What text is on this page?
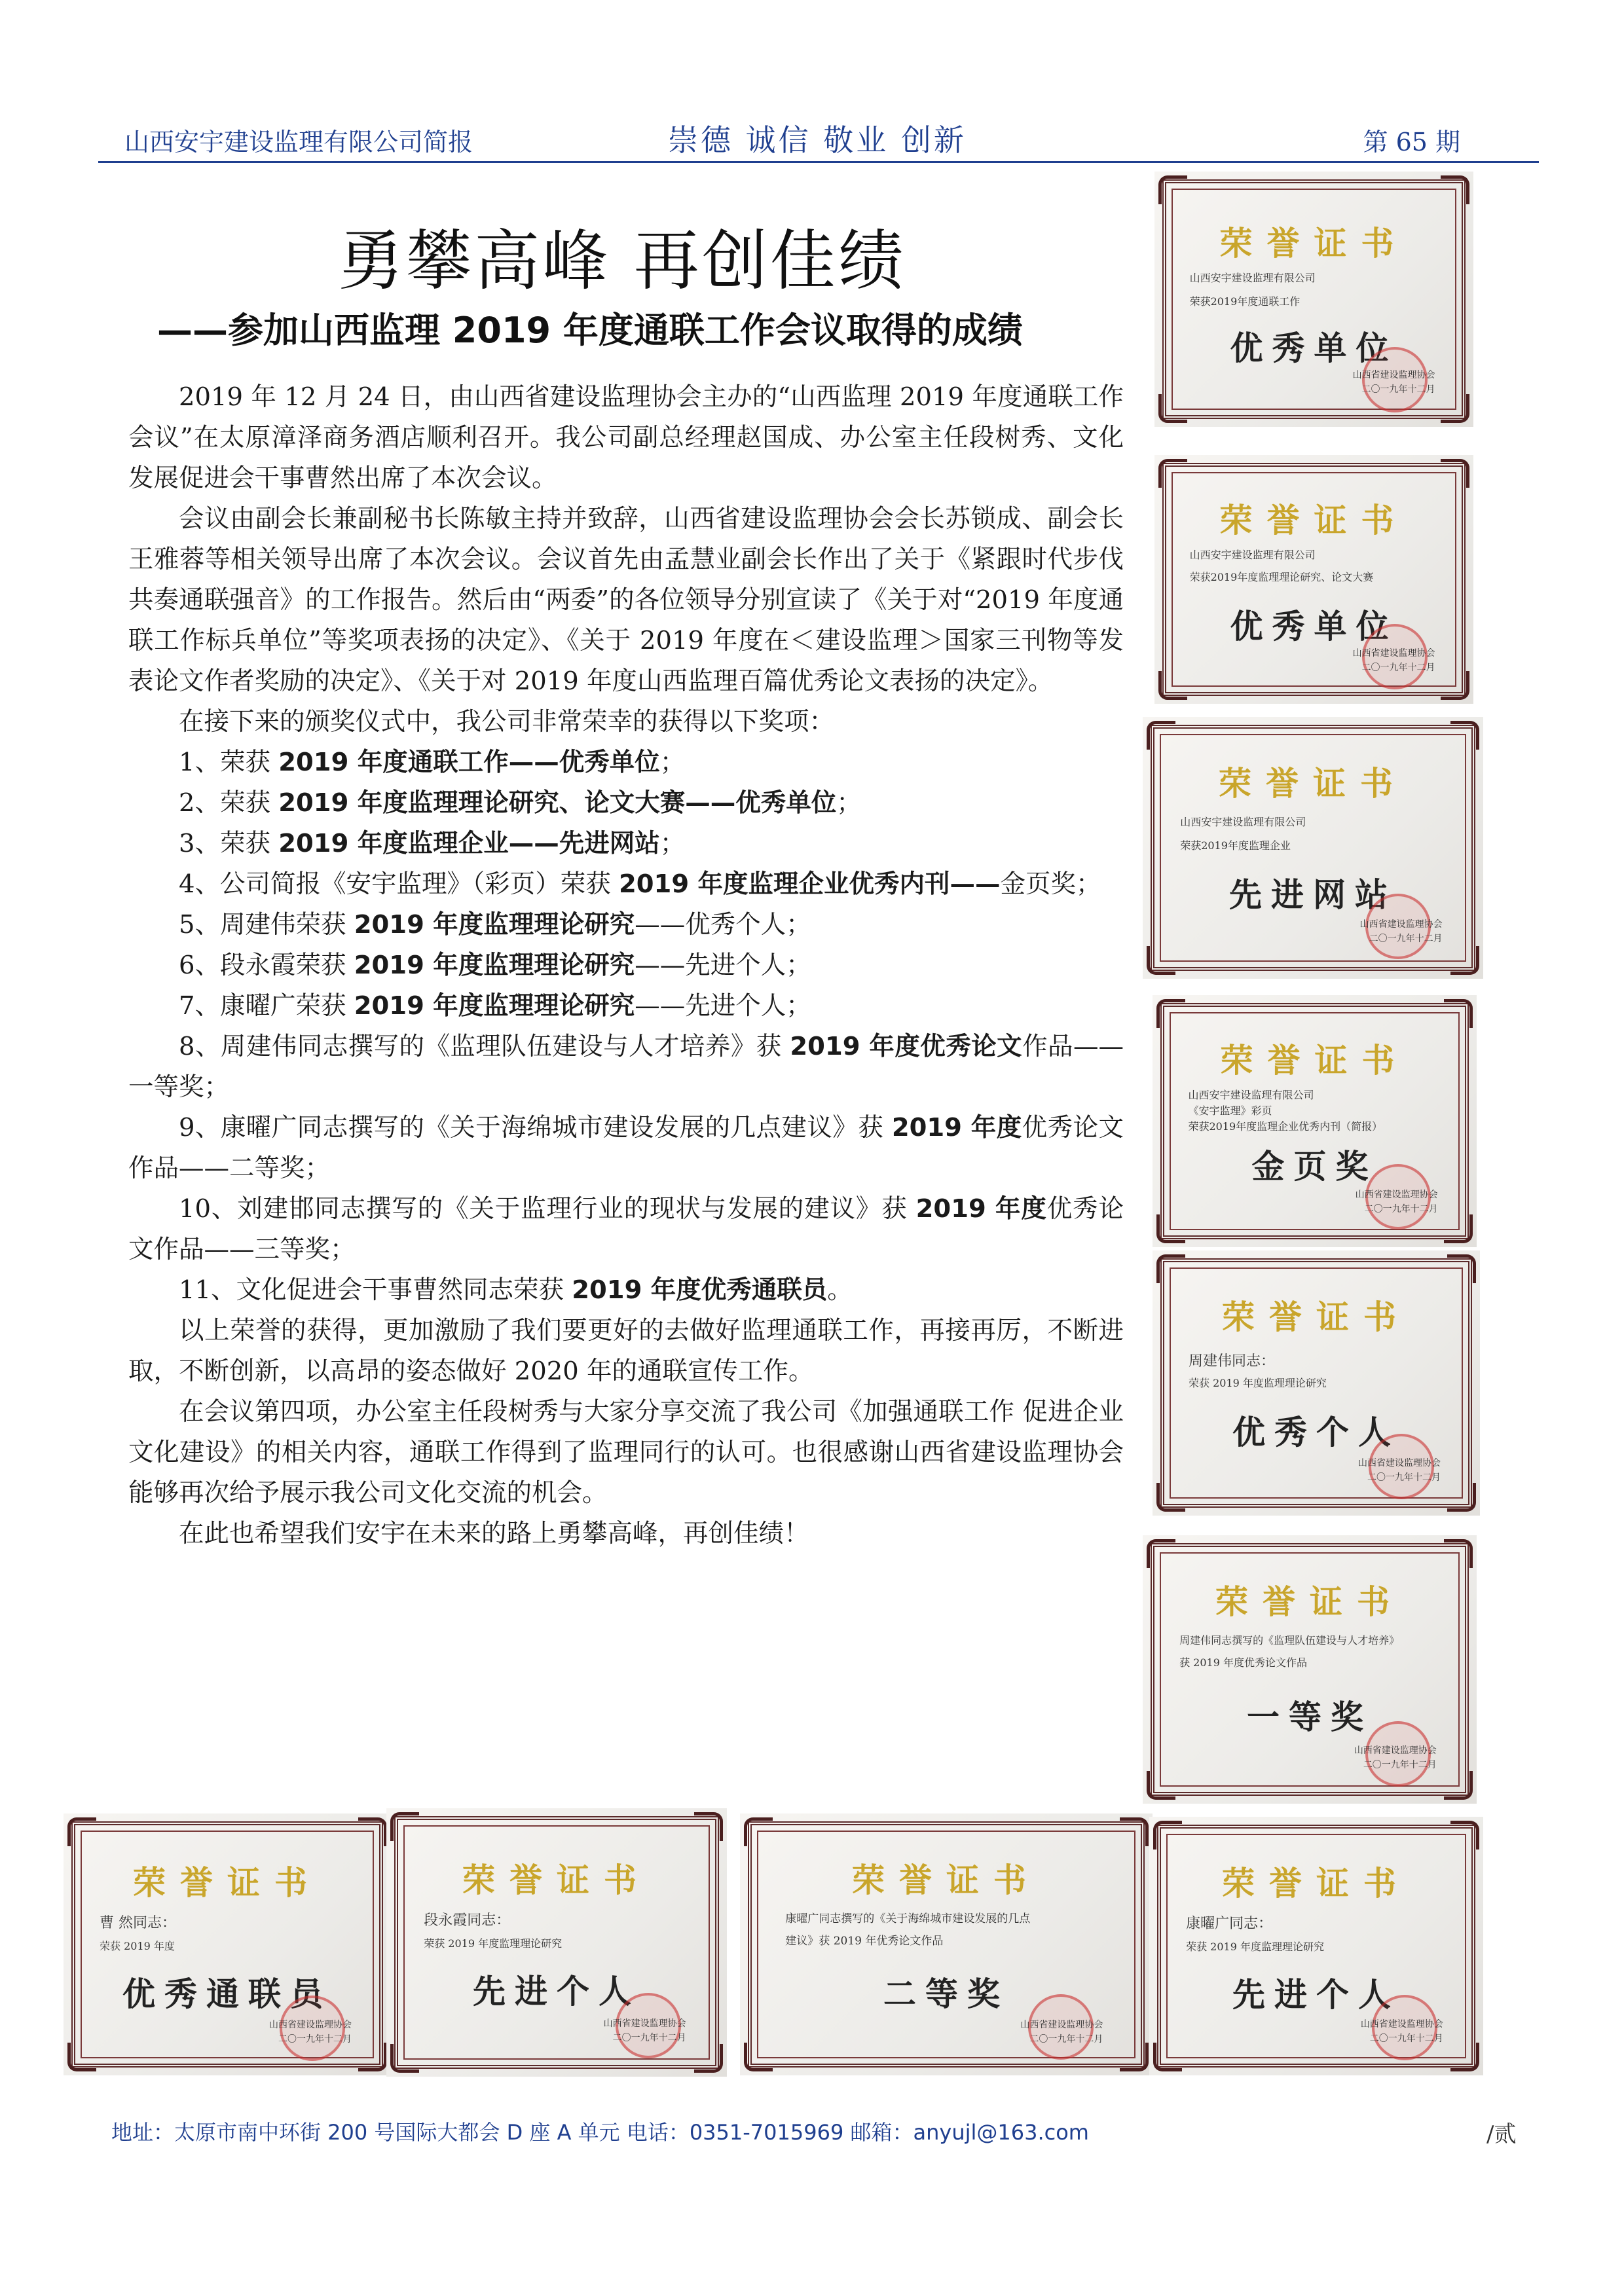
山西安宇建设监理有限公司简报	崇德 诚信 敬业 创新	第 65 期
勇攀高峰 再创佳绩
——参加山西监理 2019 年度通联工作会议取得的成绩

2019 年 12 月 24 日，由山西省建设监理协会主办的“山西监理 2019 年度通联工作会议”在太原漳泽商务酒店顺利召开。我公司副总经理赵国成、办公室主任段树秀、文化发展促进会干事曹然出席了本次会议。

会议由副会长兼副秘书长陈敏主持并致辞，山西省建设监理协会会长苏锁成、副会长王雅蓉等相关领导出席了本次会议。会议首先由孟慧业副会长作出了关于《紧跟时代步伐 共奏通联强音》的工作报告。然后由“两委”的各位领导分别宣读了《关于对“2019 年度通联工作标兵单位”等奖项表扬的决定》、《关于 2019 年度在＜建设监理＞国家三刊物等发表论文作者奖励的决定》、《关于对 2019 年度山西监理百篇优秀论文表扬的决定》。

在接下来的颁奖仪式中，我公司非常荣幸的获得以下奖项：

1、荣获 2019 年度通联工作——优秀单位；

2、荣获 2019 年度监理理论研究、论文大赛——优秀单位；

3、荣获 2019 年度监理企业——先进网站；

4、公司简报《安宇监理》（彩页）荣获 2019 年度监理企业优秀内刊——金页奖；

5、周建伟荣获 2019 年度监理理论研究——优秀个人；

6、段永霞荣获 2019 年度监理理论研究——先进个人；

7、康曜广荣获 2019 年度监理理论研究——先进个人；

8、周建伟同志撰写的《监理队伍建设与人才培养》获 2019 年度优秀论文作品——一等奖；

9、康曜广同志撰写的《关于海绵城市建设发展的几点建议》获 2019 年度优秀论文作品——二等奖；

10、刘建邯同志撰写的《关于监理行业的现状与发展的建议》获 2019 年度优秀论文作品——三等奖；

11、文化促进会干事曹然同志荣获 2019 年度优秀通联员。

以上荣誉的获得，更加激励了我们要更好的去做好监理通联工作，再接再厉，不断进取，不断创新，以高昂的姿态做好 2020 年的通联宣传工作。

在会议第四项，办公室主任段树秀与大家分享交流了我公司《加强通联工作 促进企业文化建设》的相关内容，通联工作得到了监理同行的认可。也很感谢山西省建设监理协会能够再次给予展示我公司文化交流的机会。

在此也希望我们安宇在未来的路上勇攀高峰，再创佳绩！

荣誉证书
山西安宇建设监理有限公司
荣获2019年度通联工作
优秀单位
山西省建设监理协会
二〇一九年十二月
荣誉证书
山西安宇建设监理有限公司
荣获2019年度监理理论研究、论文大赛
优秀单位
山西省建设监理协会
二〇一九年十二月
荣誉证书
山西安宇建设监理有限公司
荣获2019年度监理企业
先进网站
山西省建设监理协会
二〇一九年十二月
荣誉证书
山西安宇建设监理有限公司
《安宇监理》彩页
荣获2019年度监理企业优秀内刊（简报）
金页奖
山西省建设监理协会
二〇一九年十二月
荣誉证书
周建伟同志：
荣获 2019 年度监理理论研究
优秀个人
山西省建设监理协会
二〇一九年十二月
荣誉证书
周建伟同志撰写的《监理队伍建设与人才培养》
获 2019 年度优秀论文作品
一等奖
山西省建设监理协会
二〇一九年十二月
荣誉证书
曹 然同志：
荣获 2019 年度
优秀通联员
山西省建设监理协会
二〇一九年十二月
荣誉证书
段永霞同志：
荣获 2019 年度监理理论研究
先进个人
山西省建设监理协会
二〇一九年十二月
荣誉证书
康曜广同志撰写的《关于海绵城市建设发展的几点
建议》获 2019 年优秀论文作品
二等奖
山西省建设监理协会
二〇一九年十二月
荣誉证书
康曜广同志：
荣获 2019 年度监理理论研究
先进个人
山西省建设监理协会
二〇一九年十二月
地址：太原市南中环街 200 号国际大都会 D 座 A 单元 电话：0351-7015969 邮箱：anyujl@163.com	/贰
